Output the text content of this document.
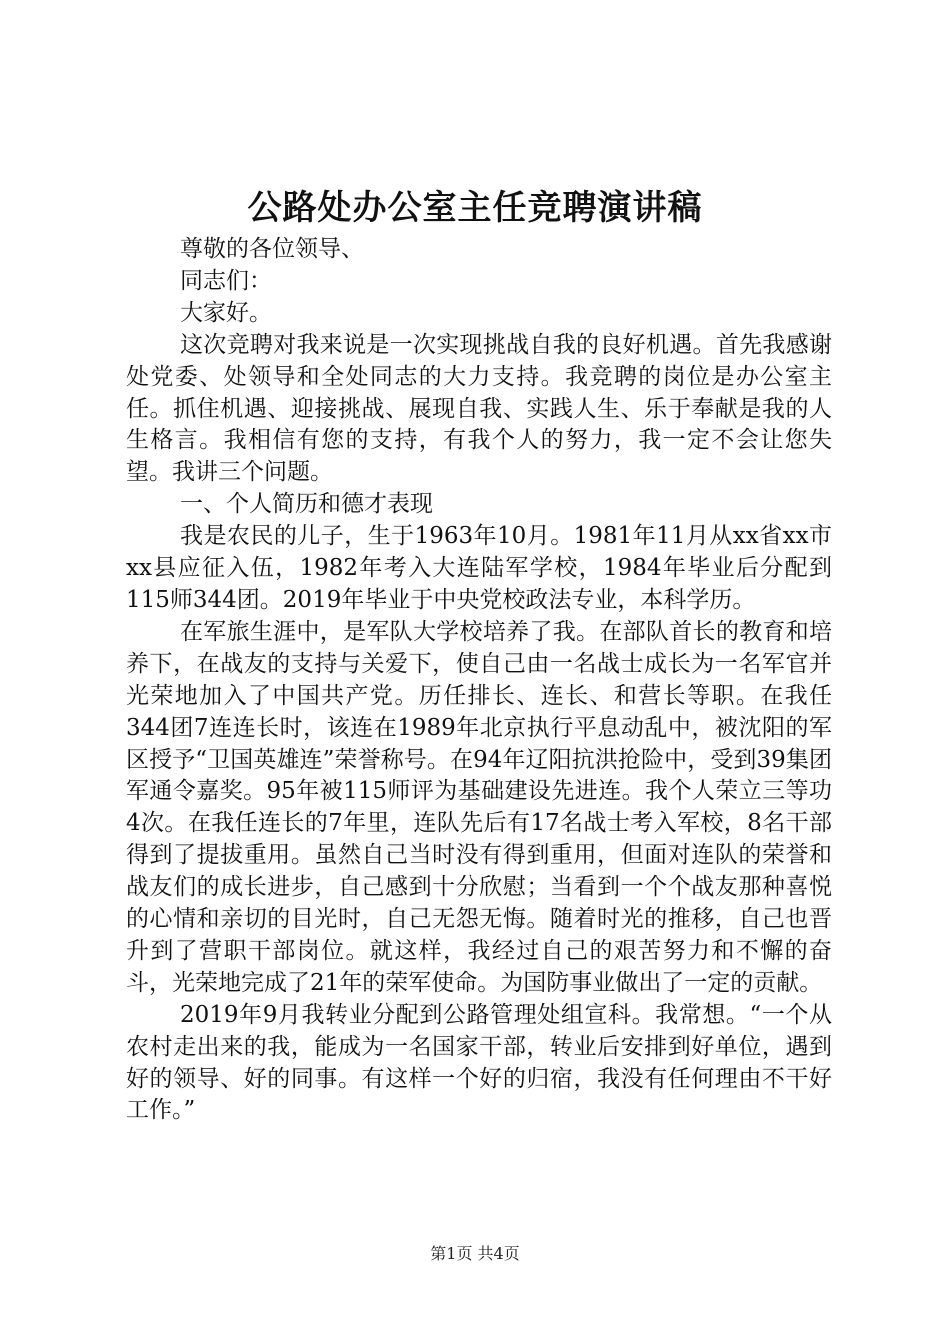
公路处办公室主任竞聘演讲稿

尊敬的各位领导、

同志们：

大家好。

这次竞聘对我来说是一次实现挑战自我的良好机遇。首先我感谢处党委、处领导和全处同志的大力支持。我竞聘的岗位是办公室主任。抓住机遇、迎接挑战、展现自我、实践人生、乐于奉献是我的人生格言。我相信有您的支持，有我个人的努力，我一定不会让您失望。我讲三个问题。

一、个人简历和德才表现

我是农民的儿子，生于1963年10月。1981年11月从xx省xx市xx县应征入伍，1982年考入大连陆军学校，1984年毕业后分配到115师344团。2019年毕业于中央党校政法专业，本科学历。

在军旅生涯中，是军队大学校培养了我。在部队首长的教育和培养下，在战友的支持与关爱下，使自己由一名战士成长为一名军官并光荣地加入了中国共产党。历任排长、连长、和营长等职。在我任344团7连连长时，该连在1989年北京执行平息动乱中，被沈阳的军区授予“卫国英雄连”荣誉称号。在94年辽阳抗洪抢险中，受到39集团军通令嘉奖。95年被115师评为基础建设先进连。我个人荣立三等功4次。在我任连长的7年里，连队先后有17名战士考入军校，8名干部得到了提拔重用。虽然自己当时没有得到重用，但面对连队的荣誉和战友们的成长进步，自己感到十分欣慰；当看到一个个战友那种喜悦的心情和亲切的目光时，自己无怨无悔。随着时光的推移，自己也晋升到了营职干部岗位。就这样，我经过自己的艰苦努力和不懈的奋斗，光荣地完成了21年的荣军使命。为国防事业做出了一定的贡献。

2019年9月我转业分配到公路管理处组宣科。我常想。“一个从农村走出来的我，能成为一名国家干部，转业后安排到好单位，遇到好的领导、好的同事。有这样一个好的归宿，我没有任何理由不干好工作。”

第1页 共4页
